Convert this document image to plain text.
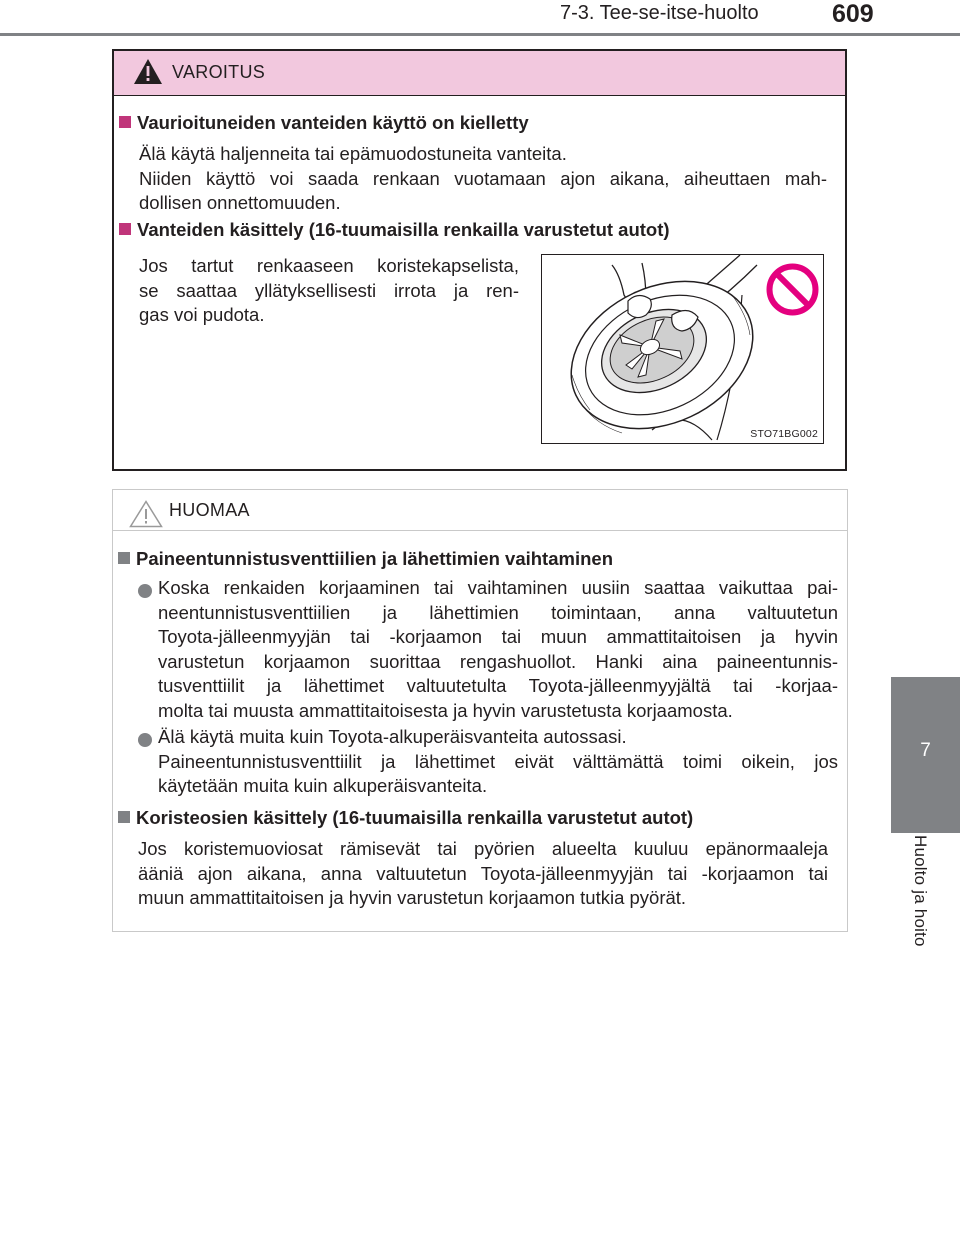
7-3. Tee-se-itse-huolto	609
7
Huolto ja hoito
VAROITUS
Vaurioituneiden vanteiden käyttö on kielletty
Älä käytä haljenneita tai epämuodostuneita vanteita.
Niiden käyttö voi saada renkaan vuotamaan ajon aikana, aiheuttaen mah-
dollisen onnettomuuden.
Vanteiden käsittely (16-tuumaisilla renkailla varustetut autot)
Jos tartut renkaaseen koristekapselista,
se saattaa yllätyksellisesti irrota ja ren-
gas voi pudota.
STO71BG002
HUOMAA
Paineentunnistusventtiilien ja lähettimien vaihtaminen
Koska renkaiden korjaaminen tai vaihtaminen uusiin saattaa vaikuttaa pai-
neentunnistusventtiilien ja lähettimien toimintaan, anna valtuutetun
Toyota-jälleenmyyjän tai -korjaamon tai muun ammattitaitoisen ja hyvin
varustetun korjaamon suorittaa rengashuollot. Hanki aina paineentunnis-
tusventtiilit ja lähettimet valtuutetulta Toyota-jälleenmyyjältä tai -korjaa-
molta tai muusta ammattitaitoisesta ja hyvin varustetusta korjaamosta.
Älä käytä muita kuin Toyota-alkuperäisvanteita autossasi.
Paineentunnistusventtiilit ja lähettimet eivät välttämättä toimi oikein, jos
käytetään muita kuin alkuperäisvanteita.
Koristeosien käsittely (16-tuumaisilla renkailla varustetut autot)
Jos koristemuoviosat rämisevät tai pyörien alueelta kuuluu epänormaaleja
ääniä ajon aikana, anna valtuutetun Toyota-jälleenmyyjän tai -korjaamon tai
muun ammattitaitoisen ja hyvin varustetun korjaamon tutkia pyörät.
